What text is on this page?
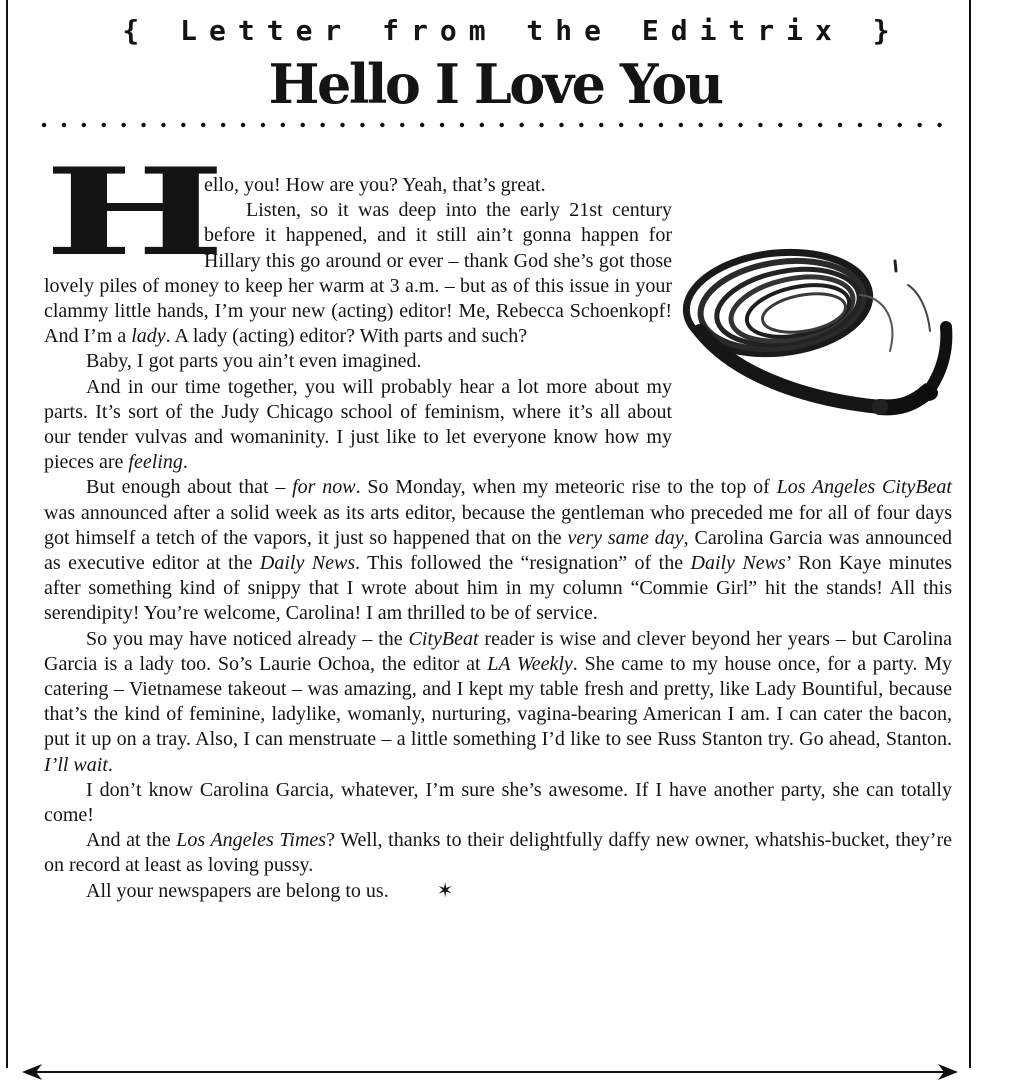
{ Letter from the Editrix }
Hello I Love You

H
ello, you! How are you? Yeah, that’s great.

Listen, so it was deep into the early 21st century before it happened, and it still ain’t gonna happen for Hillary this go around or ever – thank God she’s got those lovely piles of money to keep her warm at 3 a.m. – but as of this issue in your clammy little hands, I’m your new (acting) editor! Me, Rebecca Schoenkopf! And I’m a lady. A lady (acting) editor? With parts and such?

Baby, I got parts you ain’t even imagined.

And in our time together, you will probably hear a lot more about my parts. It’s sort of the Judy Chicago school of feminism, where it’s all about our tender vulvas and womaninity. I just like to let everyone know how my pieces are feeling.

But enough about that – for now. So Monday, when my meteoric rise to the top of Los Angeles CityBeat was announced after a solid week as its arts editor, because the gentleman who preceded me for all of four days got himself a tetch of the vapors, it just so happened that on the very same day, Carolina Garcia was announced as executive editor at the Daily News. This followed the “resignation” of the Daily News’ Ron Kaye minutes after something kind of snippy that I wrote about him in my column “Commie Girl” hit the stands! All this serendipity! You’re welcome, Carolina! I am thrilled to be of service.

So you may have noticed already – the CityBeat reader is wise and clever beyond her years – but Carolina Garcia is a lady too. So’s Laurie Ochoa, the editor at LA Weekly. She came to my house once, for a party. My catering – Vietnamese takeout – was amazing, and I kept my table fresh and pretty, like Lady Bountiful, because that’s the kind of feminine, ladylike, womanly, nurturing, vagina-bearing American I am. I can cater the bacon, put it up on a tray. Also, I can menstruate – a little something I’d like to see Russ Stanton try. Go ahead, Stanton. I’ll wait.

I don’t know Carolina Garcia, whatever, I’m sure she’s awesome. If I have another party, she can totally come!

And at the Los Angeles Times? Well, thanks to their delightfully daffy new owner, whatshis-bucket, they’re on record at least as loving pussy.

All your newspapers are belong to us. ✶
